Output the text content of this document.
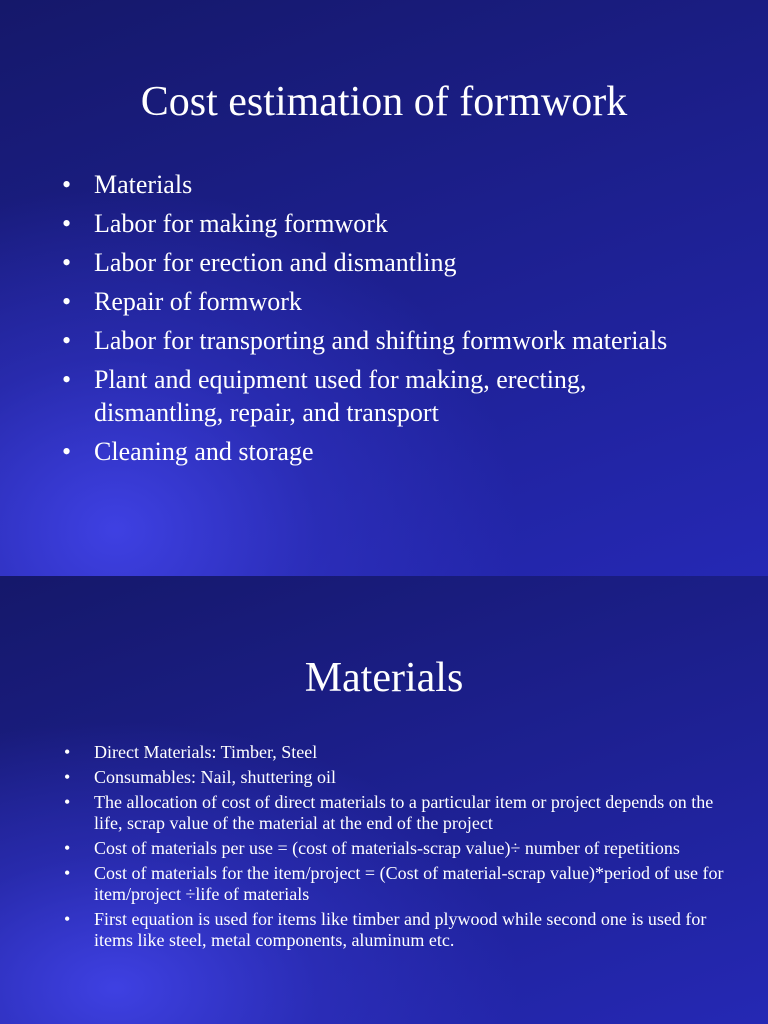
Cost estimation of formwork
• Materials
• Labor for making formwork
• Labor for erection and dismantling
• Repair of formwork
• Labor for transporting and shifting formwork materials
• Plant and equipment used for making, erecting, dismantling, repair, and transport
• Cleaning and storage
Materials
• Direct Materials: Timber, Steel
• Consumables: Nail, shuttering oil
• The allocation of cost of direct materials to a particular item or project depends on the life, scrap value of the material at the end of the project
• Cost of materials per use = (cost of materials-scrap value)÷ number of repetitions
• Cost of materials for the item/project = (Cost of material-scrap value)*period of use for item/project ÷life of materials
• First equation is used for items like timber and plywood while second one is used for items like steel, metal components, aluminum etc.
